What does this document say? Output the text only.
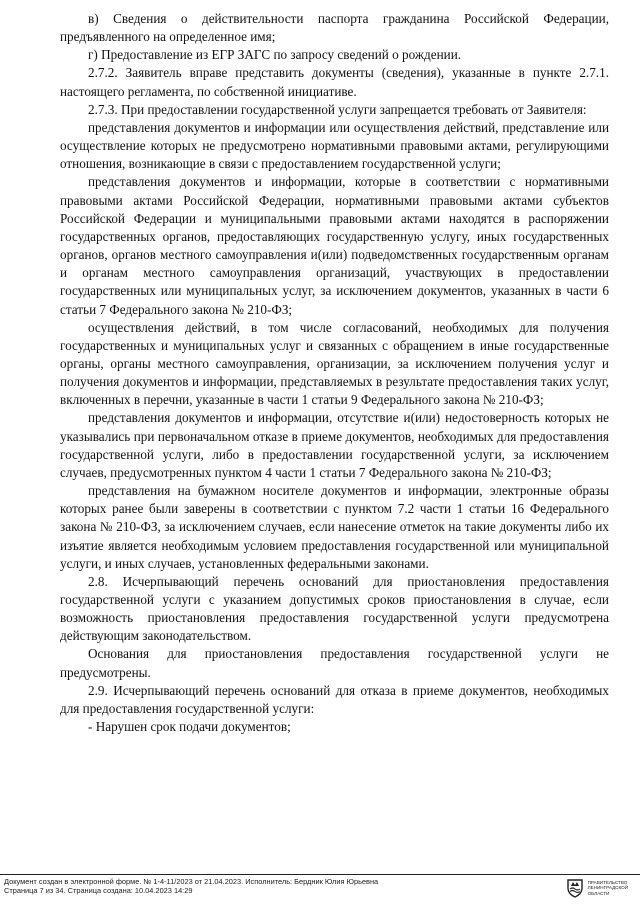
в) Сведения о действительности паспорта гражданина Российской Федерации, предъявленного на определенное имя;

г) Предоставление из ЕГР ЗАГС по запросу сведений о рождении.

2.7.2. Заявитель вправе представить документы (сведения), указанные в пункте 2.7.1. настоящего регламента, по собственной инициативе.

2.7.3. При предоставлении государственной услуги запрещается требовать от Заявителя:

представления документов и информации или осуществления действий, представление или осуществление которых не предусмотрено нормативными правовыми актами, регулирующими отношения, возникающие в связи с предоставлением государственной услуги;

представления документов и информации, которые в соответствии с нормативными правовыми актами Российской Федерации, нормативными правовыми актами субъектов Российской Федерации и муниципальными правовыми актами находятся в распоряжении государственных органов, предоставляющих государственную услугу, иных государственных органов, органов местного самоуправления и(или) подведомственных государственным органам и органам местного самоуправления организаций, участвующих в предоставлении государственных или муниципальных услуг, за исключением документов, указанных в части 6 статьи 7 Федерального закона № 210-ФЗ;

осуществления действий, в том числе согласований, необходимых для получения государственных и муниципальных услуг и связанных с обращением в иные государственные органы, органы местного самоуправления, организации, за исключением получения услуг и получения документов и информации, представляемых в результате предоставления таких услуг, включенных в перечни, указанные в части 1 статьи 9 Федерального закона № 210-ФЗ;

представления документов и информации, отсутствие и(или) недостоверность которых не указывались при первоначальном отказе в приеме документов, необходимых для предоставления государственной услуги, либо в предоставлении государственной услуги, за исключением случаев, предусмотренных пунктом 4 части 1 статьи 7 Федерального закона № 210-ФЗ;

представления на бумажном носителе документов и информации, электронные образы которых ранее были заверены в соответствии с пунктом 7.2 части 1 статьи 16 Федерального закона № 210-ФЗ, за исключением случаев, если нанесение отметок на такие документы либо их изъятие является необходимым условием предоставления государственной или муниципальной услуги, и иных случаев, установленных федеральными законами.

2.8. Исчерпывающий перечень оснований для приостановления предоставления государственной услуги с указанием допустимых сроков приостановления в случае, если возможность приостановления предоставления государственной услуги предусмотрена действующим законодательством.

Основания для приостановления предоставления государственной услуги не предусмотрены.

2.9. Исчерпывающий перечень оснований для отказа в приеме документов, необходимых для предоставления государственной услуги:

- Нарушен срок подачи документов;

Документ создан в электронной форме. № 1-4-11/2023 от 21.04.2023. Исполнитель: Бердник Юлия Юрьевна
Страница 7 из 34. Страница создана: 10.04.2023 14:29
ПРАВИТЕЛЬСТВО
ЛЕНИНГРАДСКОЙ
ОБЛАСТИ
